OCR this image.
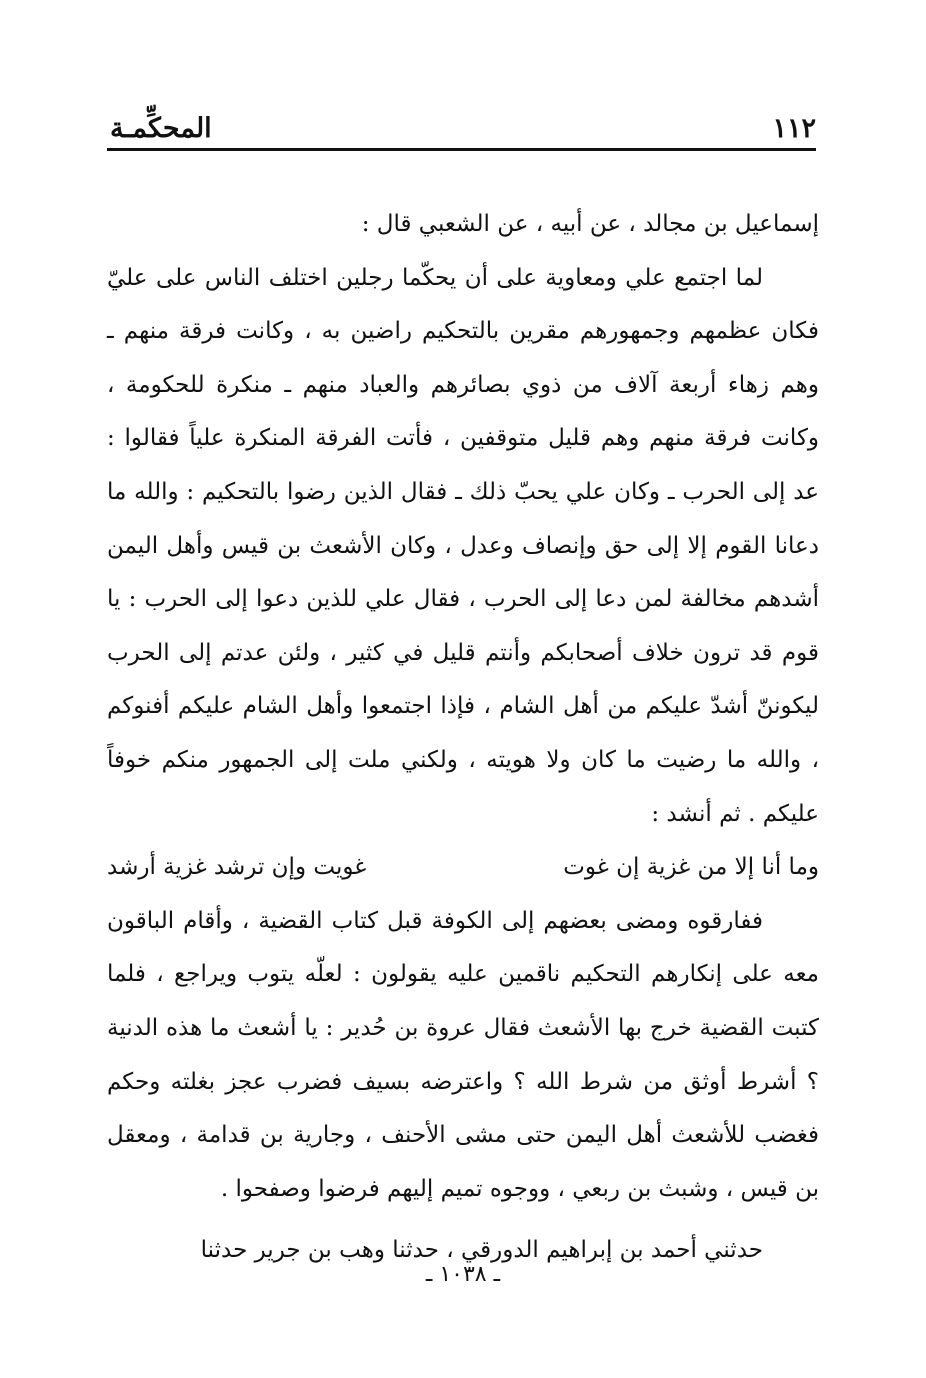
١١٢
المحكِّمـة

إسماعيل بن مجالد ، عن أبيه ، عن الشعبي قال :

لما اجتمع علي ومعاوية على أن يحكّما رجلين اختلف الناس على عليّ فكان عظمهم وجمهورهم مقرين بالتحكيم راضين به ، وكانت فرقة منهم ـ وهم زهاء أربعة آلاف من ذوي بصائرهم والعباد منهم ـ منكرة للحكومة ، وكانت فرقة منهم وهم قليل متوقفين ، فأتت الفرقة المنكرة علياً فقالوا : عد إلى الحرب ـ وكان علي يحبّ ذلك ـ فقال الذين رضوا بالتحكيم : والله ما دعانا القوم إلا إلى حق وإنصاف وعدل ، وكان الأشعث بن قيس وأهل اليمن أشدهم مخالفة لمن دعا إلى الحرب ، فقال علي للذين دعوا إلى الحرب : يا قوم قد ترون خلاف أصحابكم وأنتم قليل في كثير ، ولئن عدتم إلى الحرب ليكوننّ أشدّ عليكم من أهل الشام ، فإذا اجتمعوا وأهل الشام عليكم أفنوكم ، والله ما رضيت ما كان ولا هويته ، ولكني ملت إلى الجمهور منكم خوفاً عليكم . ثم أنشد :

وما أنا إلا من غزية إن غوت
غويت وإن ترشد غزية أرشد

ففارقوه ومضى بعضهم إلى الكوفة قبل كتاب القضية ، وأقام الباقون معه على إنكارهم التحكيم ناقمين عليه يقولون : لعلّه يتوب ويراجع ، فلما كتبت القضية خرج بها الأشعث فقال عروة بن حُدير : يا أشعث ما هذه الدنية ؟ أشرط أوثق من شرط الله ؟ واعترضه بسيف فضرب عجز بغلته وحكم فغضب للأشعث أهل اليمن حتى مشى الأحنف ، وجارية بن قدامة ، ومعقل بن قيس ، وشبث بن ربعي ، ووجوه تميم إليهم فرضوا وصفحوا .

حدثني أحمد بن إبراهيم الدورقي ، حدثنا وهب بن جرير حدثنا

ـ ١٠٣٨ ـ
